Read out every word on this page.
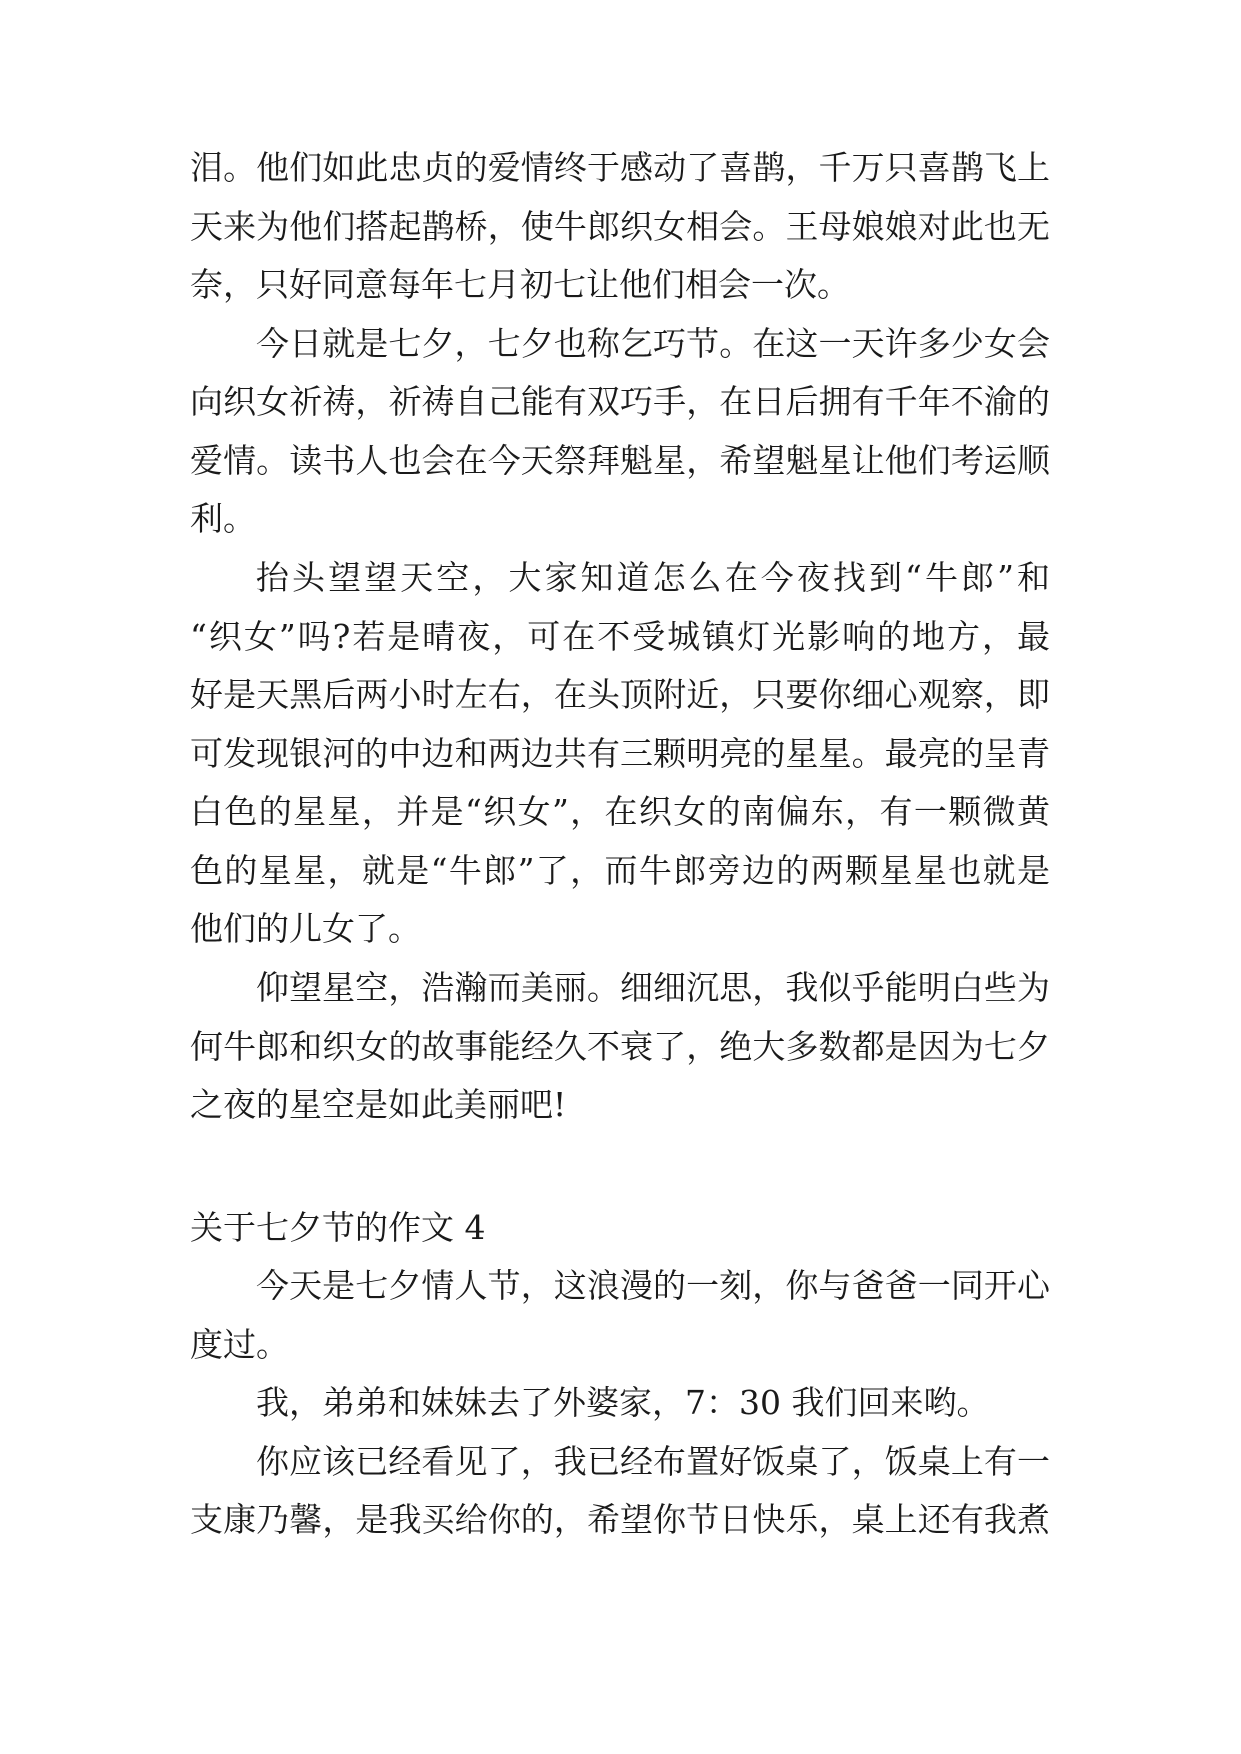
泪。他们如此忠贞的爱情终于感动了喜鹊，千万只喜鹊飞上
天来为他们搭起鹊桥，使牛郎织女相会。王母娘娘对此也无
奈，只好同意每年七月初七让他们相会一次。
今日就是七夕，七夕也称乞巧节。在这一天许多少女会
向织女祈祷，祈祷自己能有双巧手，在日后拥有千年不渝的
爱情。读书人也会在今天祭拜魁星，希望魁星让他们考运顺
利。
抬头望望天空，大家知道怎么在今夜找到“牛郎”和
“织女”吗?若是晴夜，可在不受城镇灯光影响的地方，最
好是天黑后两小时左右，在头顶附近，只要你细心观察，即
可发现银河的中边和两边共有三颗明亮的星星。最亮的呈青
白色的星星，并是“织女”，在织女的南偏东，有一颗微黄
色的星星，就是“牛郎”了，而牛郎旁边的两颗星星也就是
他们的儿女了。
仰望星空，浩瀚而美丽。细细沉思，我似乎能明白些为
何牛郎和织女的故事能经久不衰了，绝大多数都是因为七夕
之夜的星空是如此美丽吧!
关于七夕节的作文 4
今天是七夕情人节，这浪漫的一刻，你与爸爸一同开心
度过。
我，弟弟和妹妹去了外婆家，7：30 我们回来哟。
你应该已经看见了，我已经布置好饭桌了，饭桌上有一
支康乃馨，是我买给你的，希望你节日快乐，桌上还有我煮
